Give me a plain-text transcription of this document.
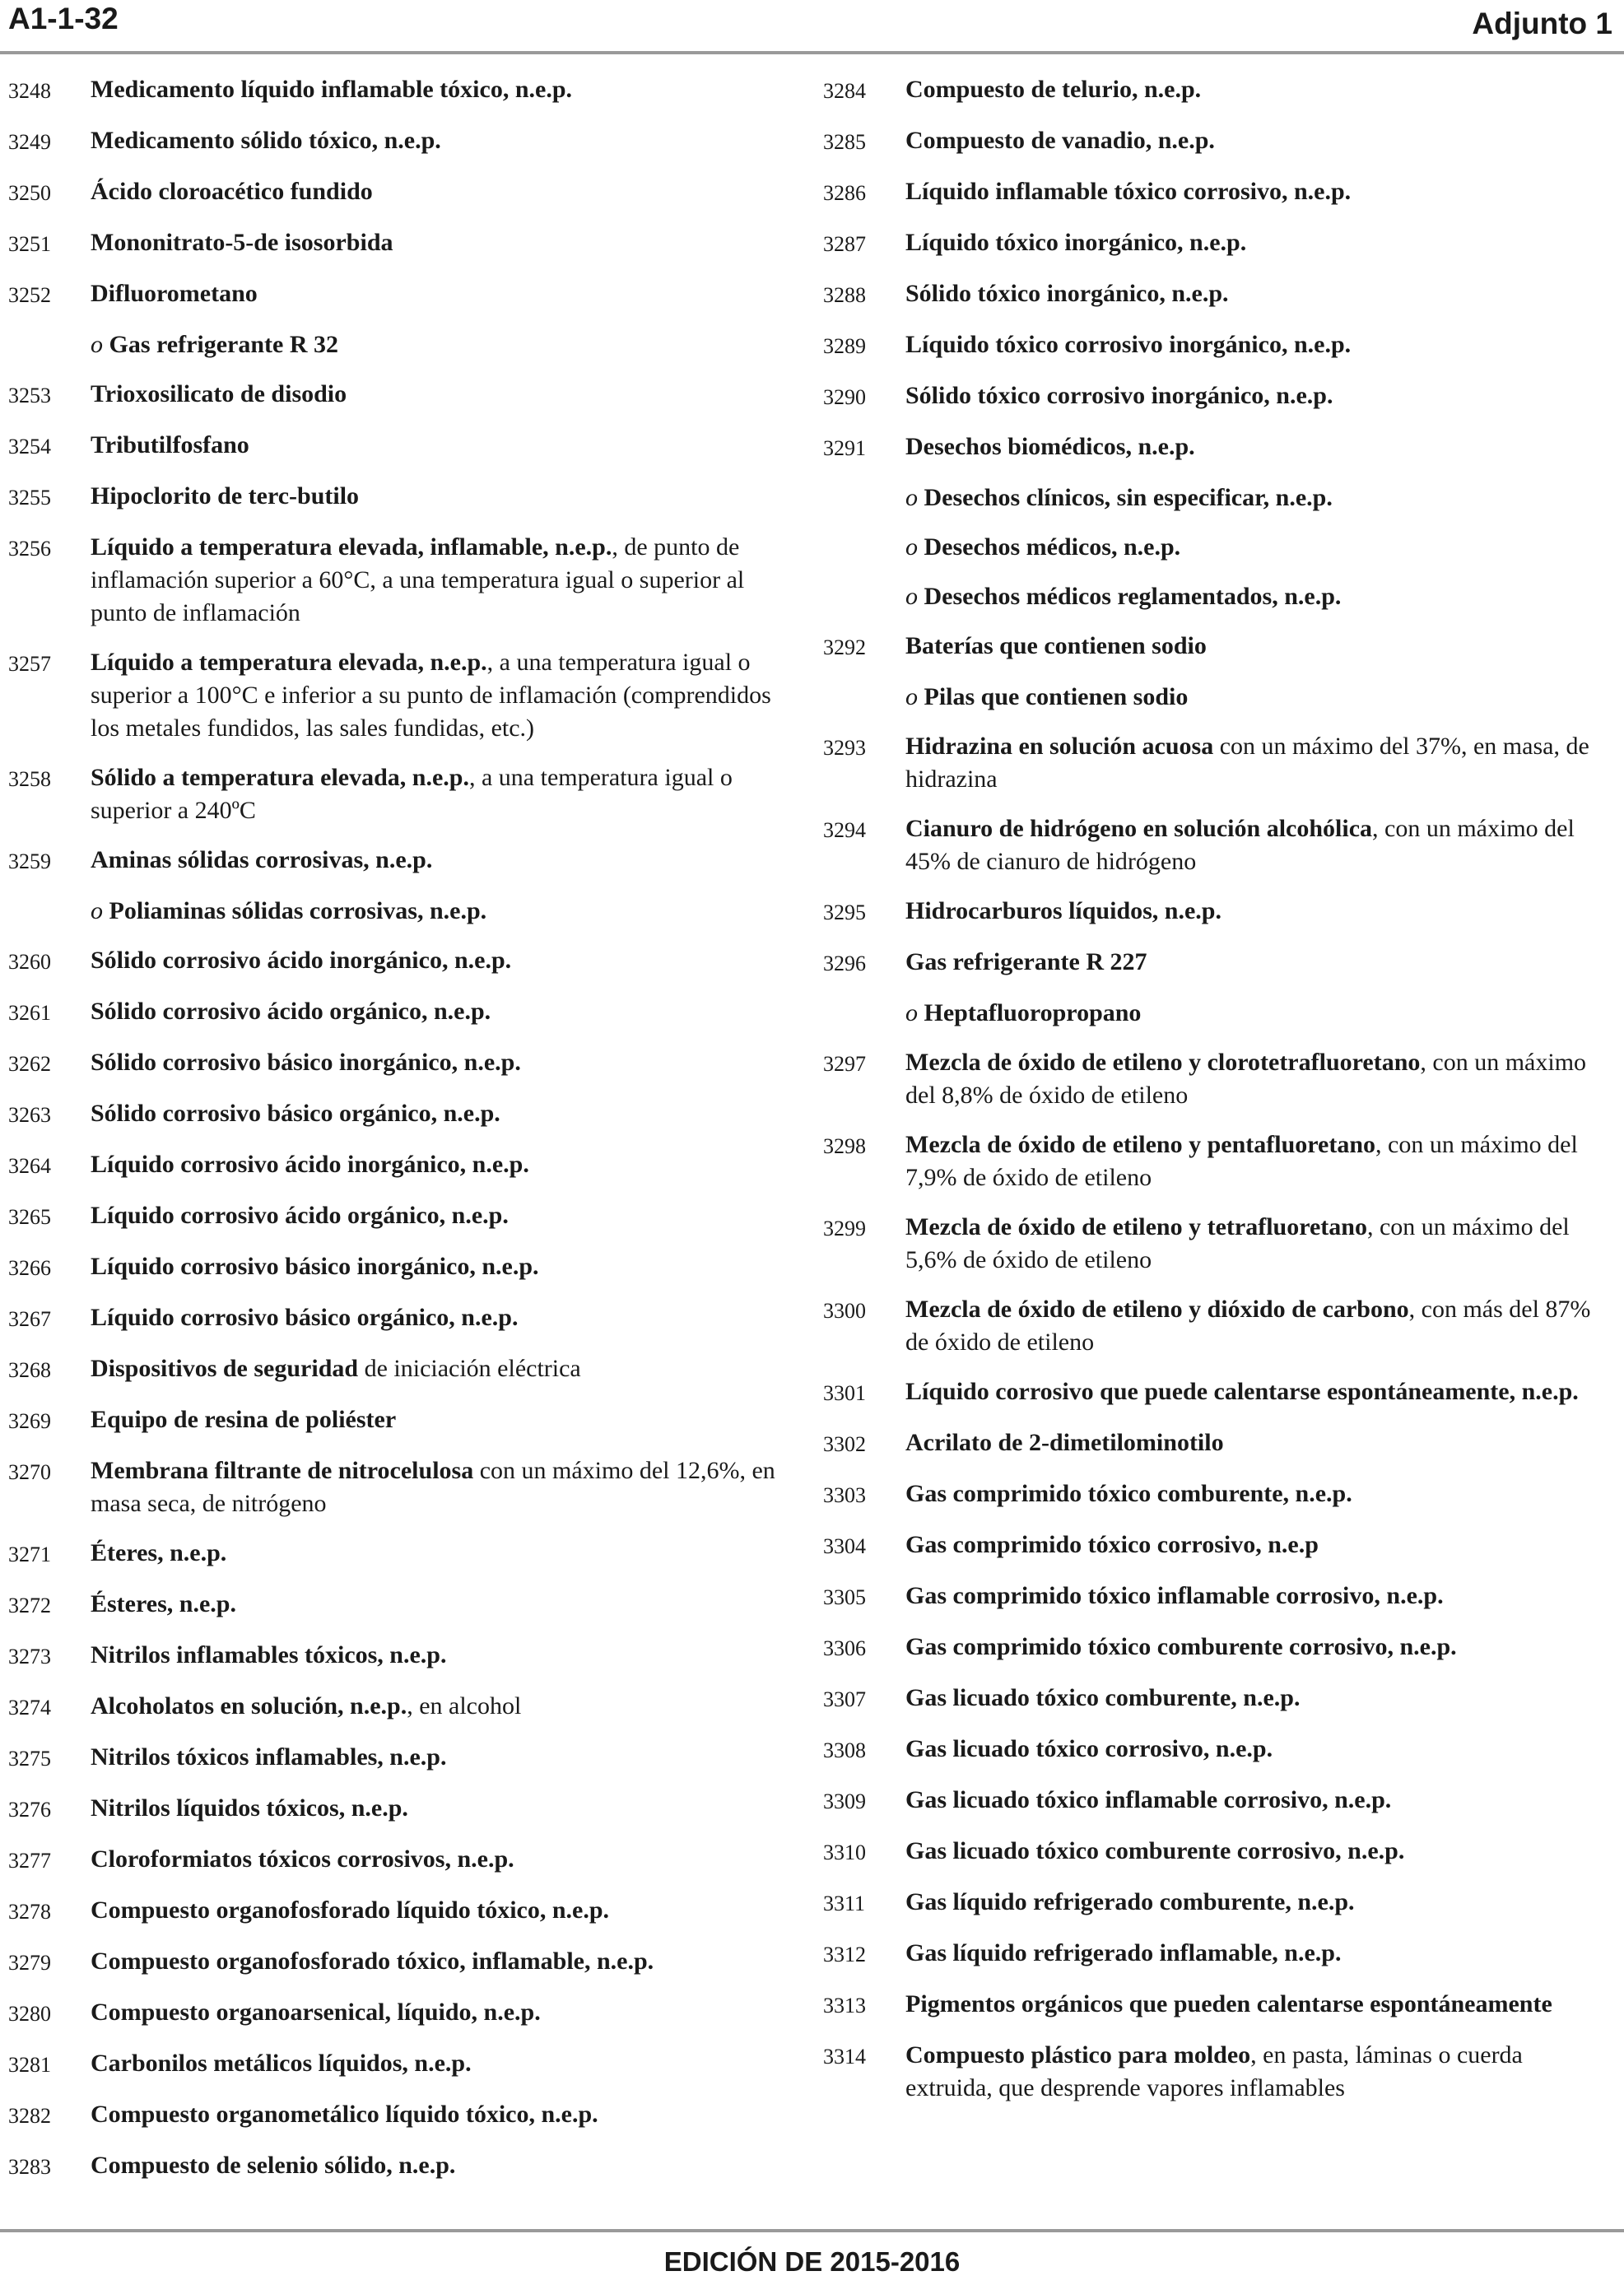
A1-1-32	Adjunto 1
3248	Medicamento líquido inflamable tóxico, n.e.p.
3249	Medicamento sólido tóxico, n.e.p.
3250	Ácido cloroacético fundido
3251	Mononitrato-5-de isosorbida
3252	Difluorometano
o Gas refrigerante R 32
3253	Trioxosilicato de disodio
3254	Tributilfosfano
3255	Hipoclorito de terc-butilo
3256	Líquido a temperatura elevada, inflamable, n.e.p., de punto de inflamación superior a 60°C, a una temperatura igual o superior al punto de inflamación
3257	Líquido a temperatura elevada, n.e.p., a una temperatura igual o superior a 100°C e inferior a su punto de inflamación (comprendidos los metales fundidos, las sales fundidas, etc.)
3258	Sólido a temperatura elevada, n.e.p., a una temperatura igual o superior a 240ºC
3259	Aminas sólidas corrosivas, n.e.p.
o Poliaminas sólidas corrosivas, n.e.p.
3260	Sólido corrosivo ácido inorgánico, n.e.p.
3261	Sólido corrosivo ácido orgánico, n.e.p.
3262	Sólido corrosivo básico inorgánico, n.e.p.
3263	Sólido corrosivo básico orgánico, n.e.p.
3264	Líquido corrosivo ácido inorgánico, n.e.p.
3265	Líquido corrosivo ácido orgánico, n.e.p.
3266	Líquido corrosivo básico inorgánico, n.e.p.
3267	Líquido corrosivo básico orgánico, n.e.p.
3268	Dispositivos de seguridad de iniciación eléctrica
3269	Equipo de resina de poliéster
3270	Membrana filtrante de nitrocelulosa con un máximo del 12,6%, en masa seca, de nitrógeno
3271	Éteres, n.e.p.
3272	Ésteres, n.e.p.
3273	Nitrilos inflamables tóxicos, n.e.p.
3274	Alcoholatos en solución, n.e.p., en alcohol
3275	Nitrilos tóxicos inflamables, n.e.p.
3276	Nitrilos líquidos tóxicos, n.e.p.
3277	Cloroformiatos tóxicos corrosivos, n.e.p.
3278	Compuesto organofosforado líquido tóxico, n.e.p.
3279	Compuesto organofosforado tóxico, inflamable, n.e.p.
3280	Compuesto organoarsenical, líquido, n.e.p.
3281	Carbonilos metálicos líquidos, n.e.p.
3282	Compuesto organometálico líquido tóxico, n.e.p.
3283	Compuesto de selenio sólido, n.e.p.
3284	Compuesto de telurio, n.e.p.
3285	Compuesto de vanadio, n.e.p.
3286	Líquido inflamable tóxico corrosivo, n.e.p.
3287	Líquido tóxico inorgánico, n.e.p.
3288	Sólido tóxico inorgánico, n.e.p.
3289	Líquido tóxico corrosivo inorgánico, n.e.p.
3290	Sólido tóxico corrosivo inorgánico, n.e.p.
3291	Desechos biomédicos, n.e.p.
o Desechos clínicos, sin especificar, n.e.p.
o Desechos médicos, n.e.p.
o Desechos médicos reglamentados, n.e.p.
3292	Baterías que contienen sodio
o Pilas que contienen sodio
3293	Hidrazina en solución acuosa con un máximo del 37%, en masa, de hidrazina
3294	Cianuro de hidrógeno en solución alcohólica, con un máximo del 45% de cianuro de hidrógeno
3295	Hidrocarburos líquidos, n.e.p.
3296	Gas refrigerante R 227
o Heptafluoropropano
3297	Mezcla de óxido de etileno y clorotetrafluoretano, con un máximo del 8,8% de óxido de etileno
3298	Mezcla de óxido de etileno y pentafluoretano, con un máximo del 7,9% de óxido de etileno
3299	Mezcla de óxido de etileno y tetrafluoretano, con un máximo del 5,6% de óxido de etileno
3300	Mezcla de óxido de etileno y dióxido de carbono, con más del 87% de óxido de etileno
3301	Líquido corrosivo que puede calentarse espontáneamente, n.e.p.
3302	Acrilato de 2-dimetilominotilo
3303	Gas comprimido tóxico comburente, n.e.p.
3304	Gas comprimido tóxico corrosivo, n.e.p
3305	Gas comprimido tóxico inflamable corrosivo, n.e.p.
3306	Gas comprimido tóxico comburente corrosivo, n.e.p.
3307	Gas licuado tóxico comburente, n.e.p.
3308	Gas licuado tóxico corrosivo, n.e.p.
3309	Gas licuado tóxico inflamable corrosivo, n.e.p.
3310	Gas licuado tóxico comburente corrosivo, n.e.p.
3311	Gas líquido refrigerado comburente, n.e.p.
3312	Gas líquido refrigerado inflamable, n.e.p.
3313	Pigmentos orgánicos que pueden calentarse espontáneamente
3314	Compuesto plástico para moldeo, en pasta, láminas o cuerda extruida, que desprende vapores inflamables
EDICIÓN DE 2015-2016
